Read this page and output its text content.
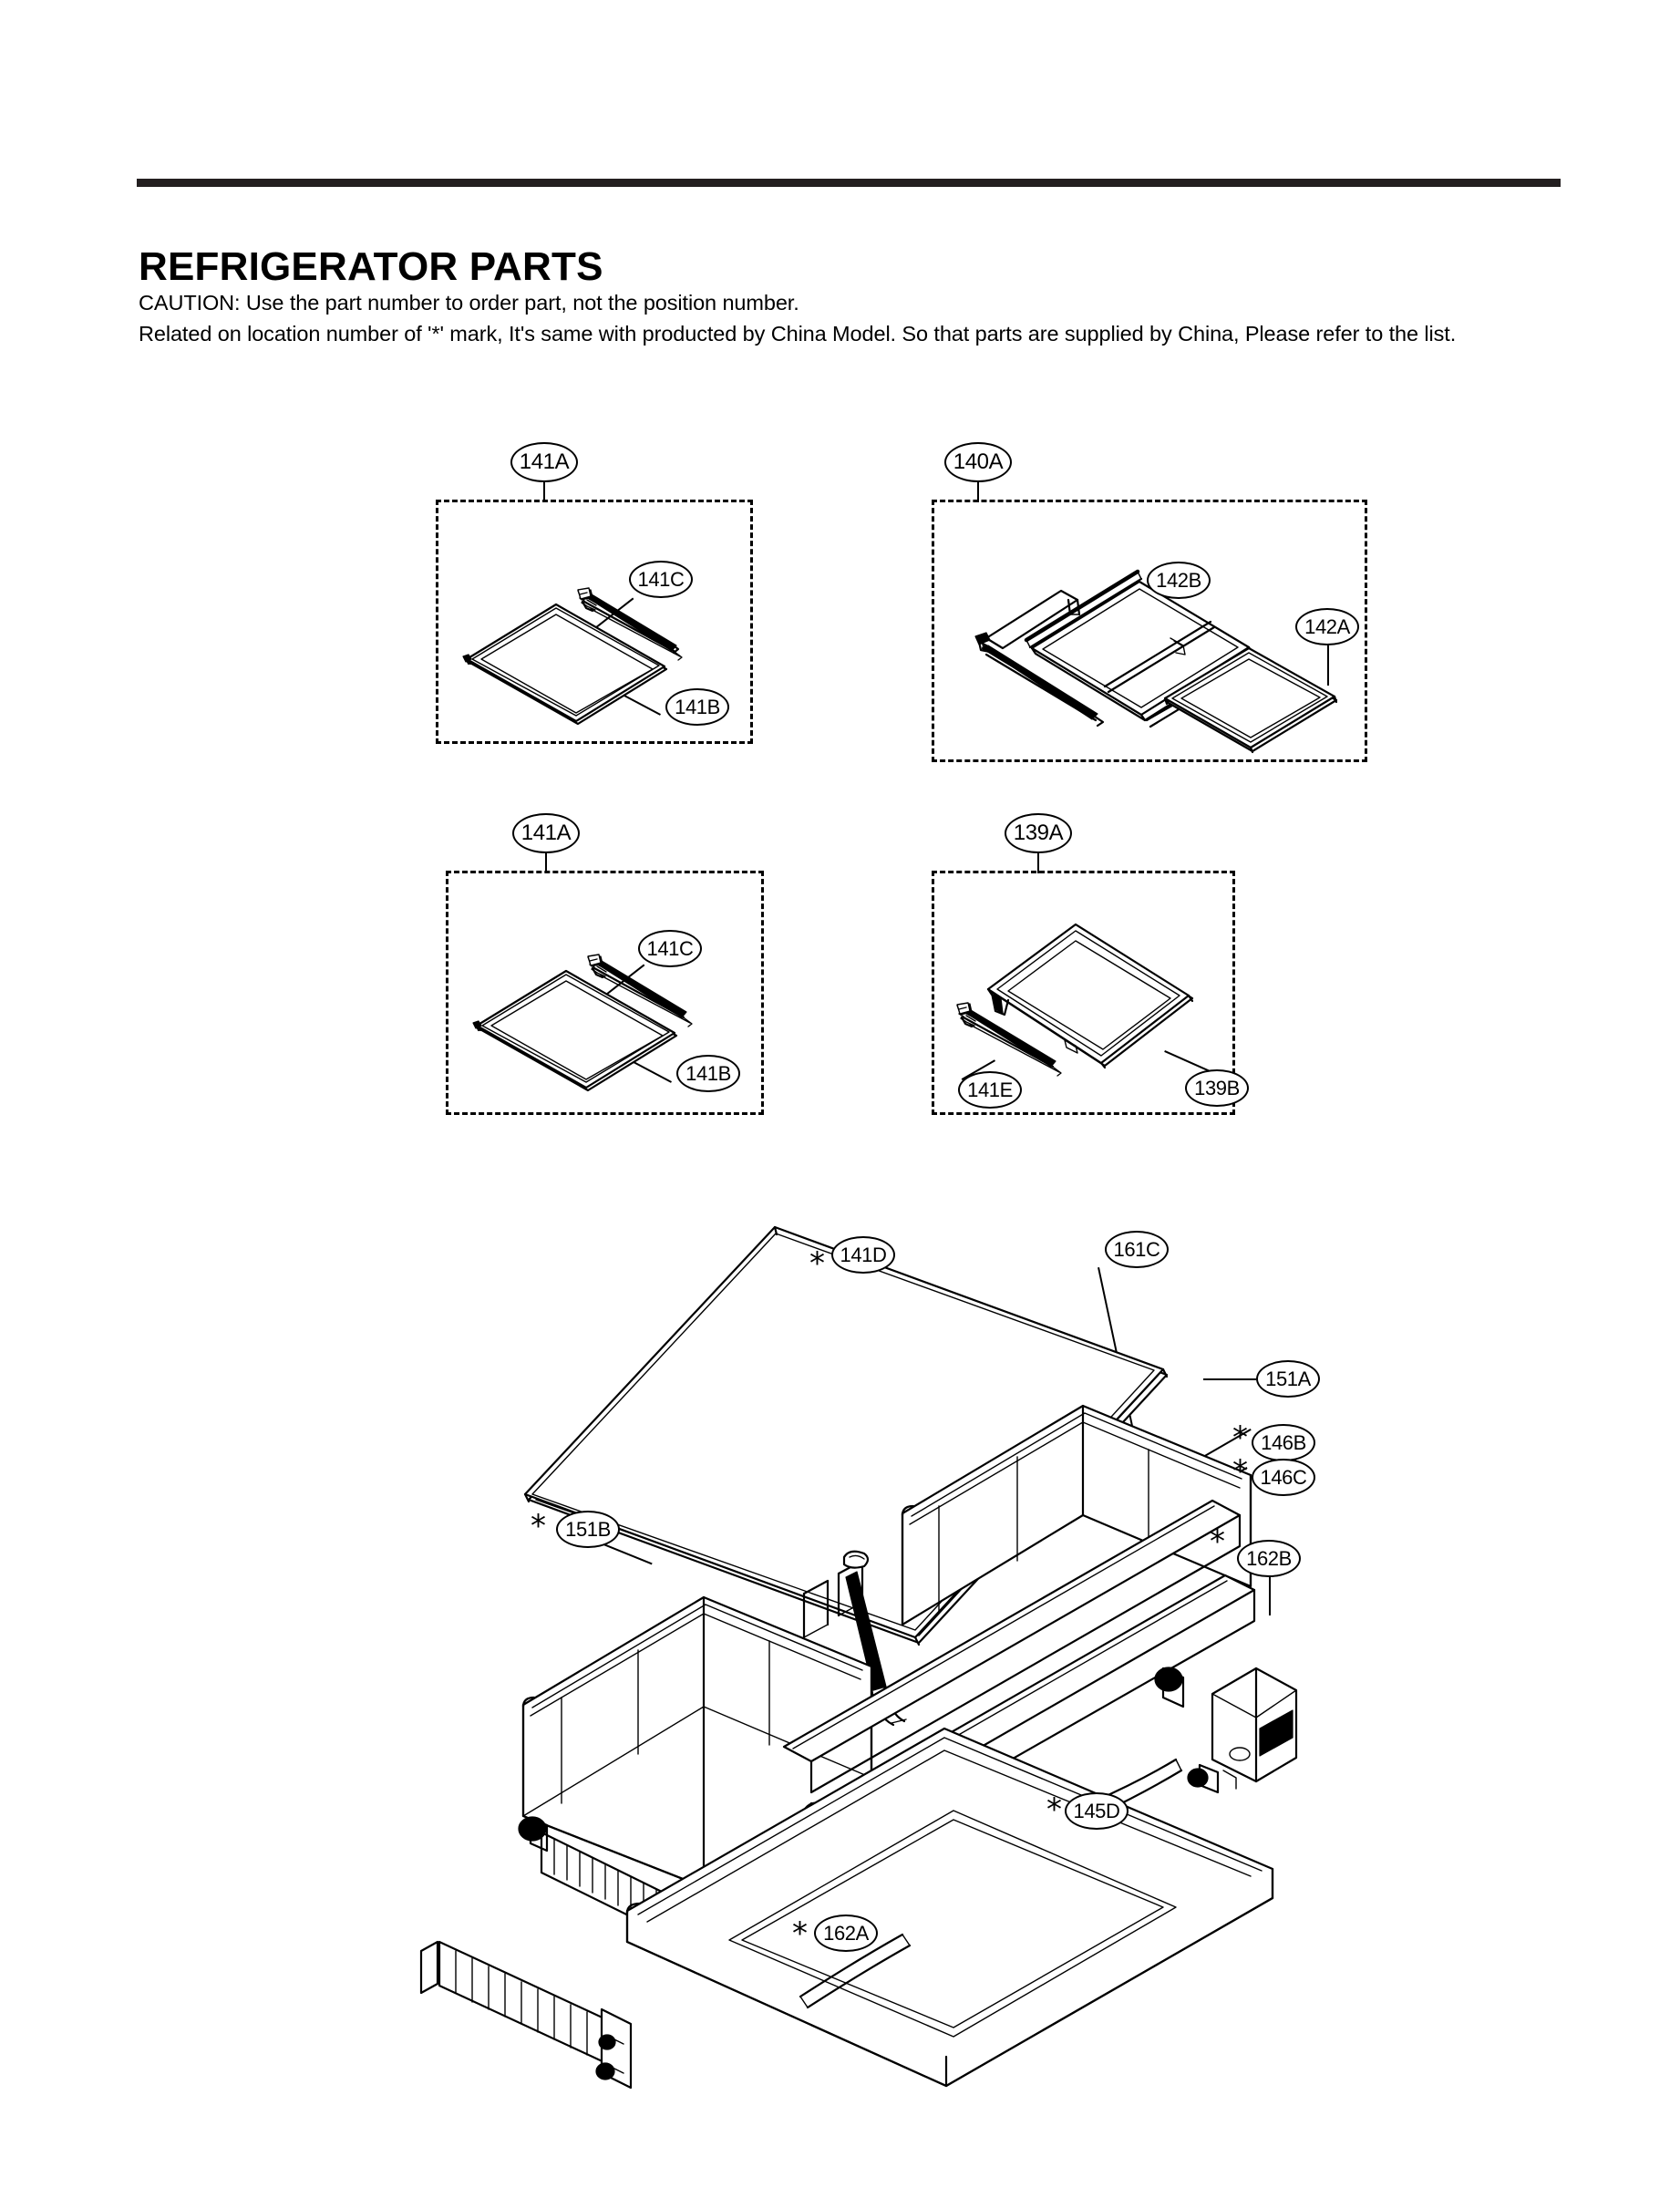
REFRIGERATOR PARTS
CAUTION: Use the part number to order part, not the position number.
Related on location number of '*' mark, It's same with producted by China Model. So that parts are supplied by China, Please refer to the list.
141A
141C
141B
140A
142B
142A
141A
141C
141B
139A
141E	139B
* 141D	161C
151A
* 146B
* 146C
* 151B	*	162B
* 145D
* 162A
